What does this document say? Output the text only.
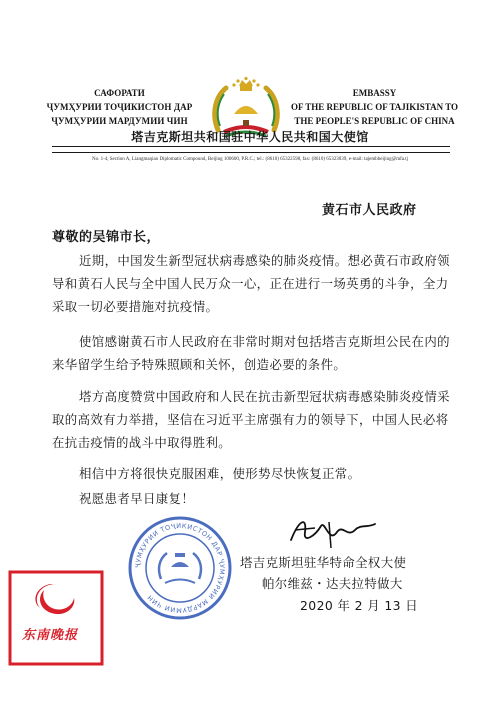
САФОРАТИ
ҶУМҲУРИИ ТОҶИКИСТОН ДАР
ҶУМҲУРИИ МАРДУМИИ ЧИН
EMBASSY
OF THE REPUBLIC OF TAJIKISTAN TO
THE PEOPLE'S REPUBLIC OF CHINA
塔吉克斯坦共和国驻中华人民共和国大使馆
No. 1-4, Section A, Liangmaqiao Diplomatic Compound, Beijing 100600, P.R.C.; tel.: (8610) 65322598, fax: (8610) 65323039, e-mail: tajembbeijing@mfa.tj
黄石市人民政府
尊敬的吴锦市长，

近期，中国发生新型冠状病毒感染的肺炎疫情。想必黄石市政府领导和黄石人民与全中国人民万众一心，正在进行一场英勇的斗争，全力采取一切必要措施对抗疫情。

使馆感谢黄石市人民政府在非常时期对包括塔吉克斯坦公民在内的来华留学生给予特殊照顾和关怀，创造必要的条件。

塔方高度赞赏中国政府和人民在抗击新型冠状病毒感染肺炎疫情采取的高效有力举措，坚信在习近平主席强有力的领导下，中国人民必将在抗击疫情的战斗中取得胜利。

相信中方将很快克服困难，使形势尽快恢复正常。

祝愿患者早日康复！

ҶУМҲУРИИ ТОҶИКИСТОН ДАР ҶУМҲУРИИ МАРДУМИИ ЧИН
塔吉克斯坦驻华特命全权大使
帕尔维兹・达夫拉特做大
2020 年 2 月 13 日
东南晚报
